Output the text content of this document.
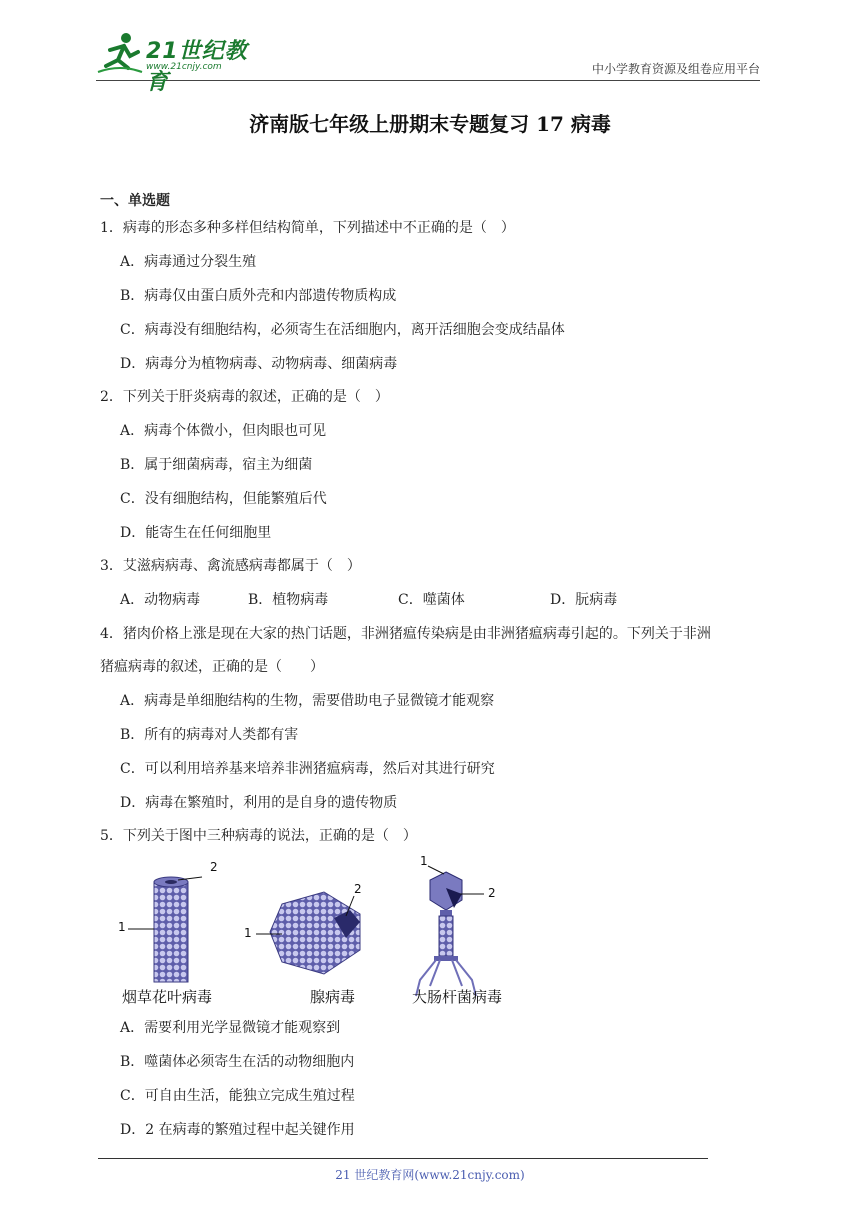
21世纪教育
www.21cnjy.com	中小学教育资源及组卷应用平台
济南版七年级上册期末专题复习 17 病毒
一、单选题
1．病毒的形态多种多样但结构简单，下列描述中不正确的是（　）
A．病毒通过分裂生殖
B．病毒仅由蛋白质外壳和内部遗传物质构成
C．病毒没有细胞结构，必须寄生在活细胞内，离开活细胞会变成结晶体
D．病毒分为植物病毒、动物病毒、细菌病毒
2．下列关于肝炎病毒的叙述，正确的是（　）
A．病毒个体微小，但肉眼也可见
B．属于细菌病毒，宿主为细菌
C．没有细胞结构，但能繁殖后代
D．能寄生在任何细胞里
3．艾滋病病毒、禽流感病毒都属于（　）
A．动物病毒	B．植物病毒	C．噬菌体	D．朊病毒
4．猪肉价格上涨是现在大家的热门话题，非洲猪瘟传染病是由非洲猪瘟病毒引起的。下列关于非洲
猪瘟病毒的叙述，正确的是（　　）
A．病毒是单细胞结构的生物，需要借助电子显微镜才能观察
B．所有的病毒对人类都有害
C．可以利用培养基来培养非洲猪瘟病毒，然后对其进行研究
D．病毒在繁殖时，利用的是自身的遗传物质
5．下列关于图中三种病毒的说法，正确的是（　）
2
1
2
1
1
2
烟草花叶病毒	腺病毒	大肠杆菌病毒
A．需要利用光学显微镜才能观察到
B．噬菌体必须寄生在活的动物细胞内
C．可自由生活，能独立完成生殖过程
D．2 在病毒的繁殖过程中起关键作用
21 世纪教育网(www.21cnjy.com)
